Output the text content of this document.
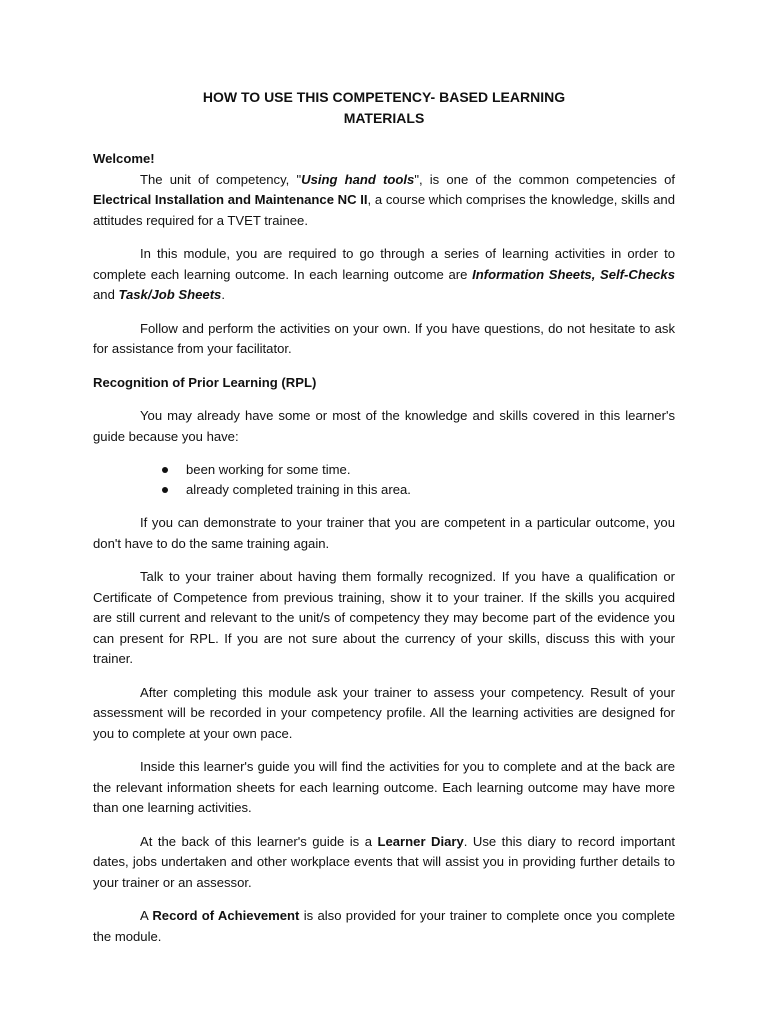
HOW TO USE THIS COMPETENCY- BASED LEARNING
MATERIALS

Welcome!

The unit of competency, "Using hand tools", is one of the common competencies of Electrical Installation and Maintenance NC II, a course which comprises the knowledge, skills and attitudes required for a TVET trainee.

In this module, you are required to go through a series of learning activities in order to complete each learning outcome. In each learning outcome are Information Sheets, Self-Checks and Task/Job Sheets.

Follow and perform the activities on your own. If you have questions, do not hesitate to ask for assistance from your facilitator.

Recognition of Prior Learning (RPL)

You may already have some or most of the knowledge and skills covered in this learner's guide because you have:

been working for some time.
already completed training in this area.

If you can demonstrate to your trainer that you are competent in a particular outcome, you don't have to do the same training again.

Talk to your trainer about having them formally recognized. If you have a qualification or Certificate of Competence from previous training, show it to your trainer. If the skills you acquired are still current and relevant to the unit/s of competency they may become part of the evidence you can present for RPL. If you are not sure about the currency of your skills, discuss this with your trainer.

After completing this module ask your trainer to assess your competency. Result of your assessment will be recorded in your competency profile. All the learning activities are designed for you to complete at your own pace.

Inside this learner's guide you will find the activities for you to complete and at the back are the relevant information sheets for each learning outcome. Each learning outcome may have more than one learning activities.

At the back of this learner's guide is a Learner Diary. Use this diary to record important dates, jobs undertaken and other workplace events that will assist you in providing further details to your trainer or an assessor.

A Record of Achievement is also provided for your trainer to complete once you complete the module.
